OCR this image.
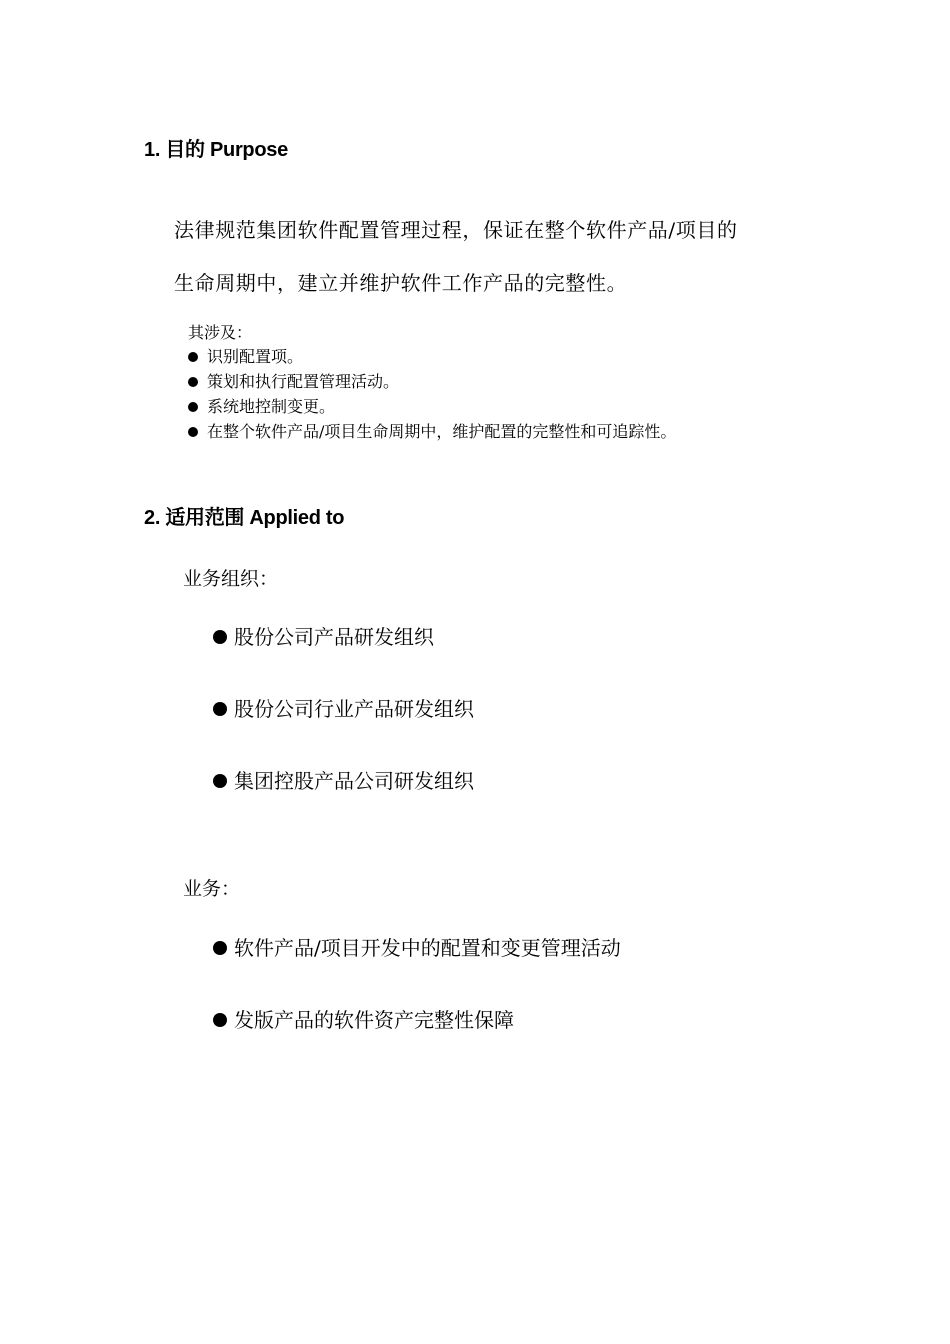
1. 目的 Purpose

法律规范集团软件配置管理过程，保证在整个软件产品/项目的
生命周期中，建立并维护软件工作产品的完整性。

其涉及：

识别配置项。
策划和执行配置管理活动。
系统地控制变更。
在整个软件产品/项目生命周期中，维护配置的完整性和可追踪性。
2. 适用范围 Applied to

业务组织：

股份公司产品研发组织
股份公司行业产品研发组织
集团控股产品公司研发组织

业务：

软件产品/项目开发中的配置和变更管理活动
发版产品的软件资产完整性保障
